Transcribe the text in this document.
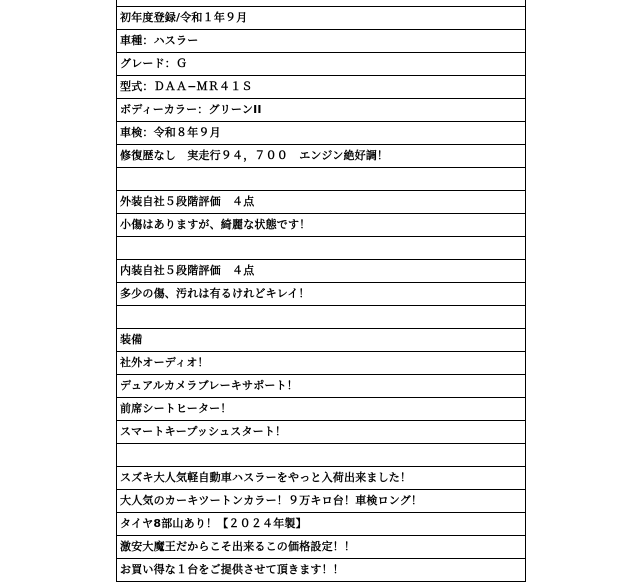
初年度登録/令和１年９月
車種：ハスラー
グレード：Ｇ
型式：ＤＡＡ−ＭＲ４１Ｓ
ボディーカラー：グリーンII
車検：令和８年９月
修復歴なし　実走行９４，７００　エンジン絶好調！
外装自社５段階評価　４点
小傷はありますが、綺麗な状態です！
内装自社５段階評価　４点
多少の傷、汚れは有るけれどキレイ！
装備
社外オーディオ！
デュアルカメラブレーキサポート！
前席シートヒーター！
スマートキープッシュスタート！
スズキ大人気軽自動車ハスラーをやっと入荷出来ました！
大人気のカーキツートンカラー！９万キロ台！車検ロング！
タイヤ8部山あり！【２０２４年製】
激安大魔王だからこそ出来るこの価格設定！！
お買い得な１台をご提供させて頂きます！！
